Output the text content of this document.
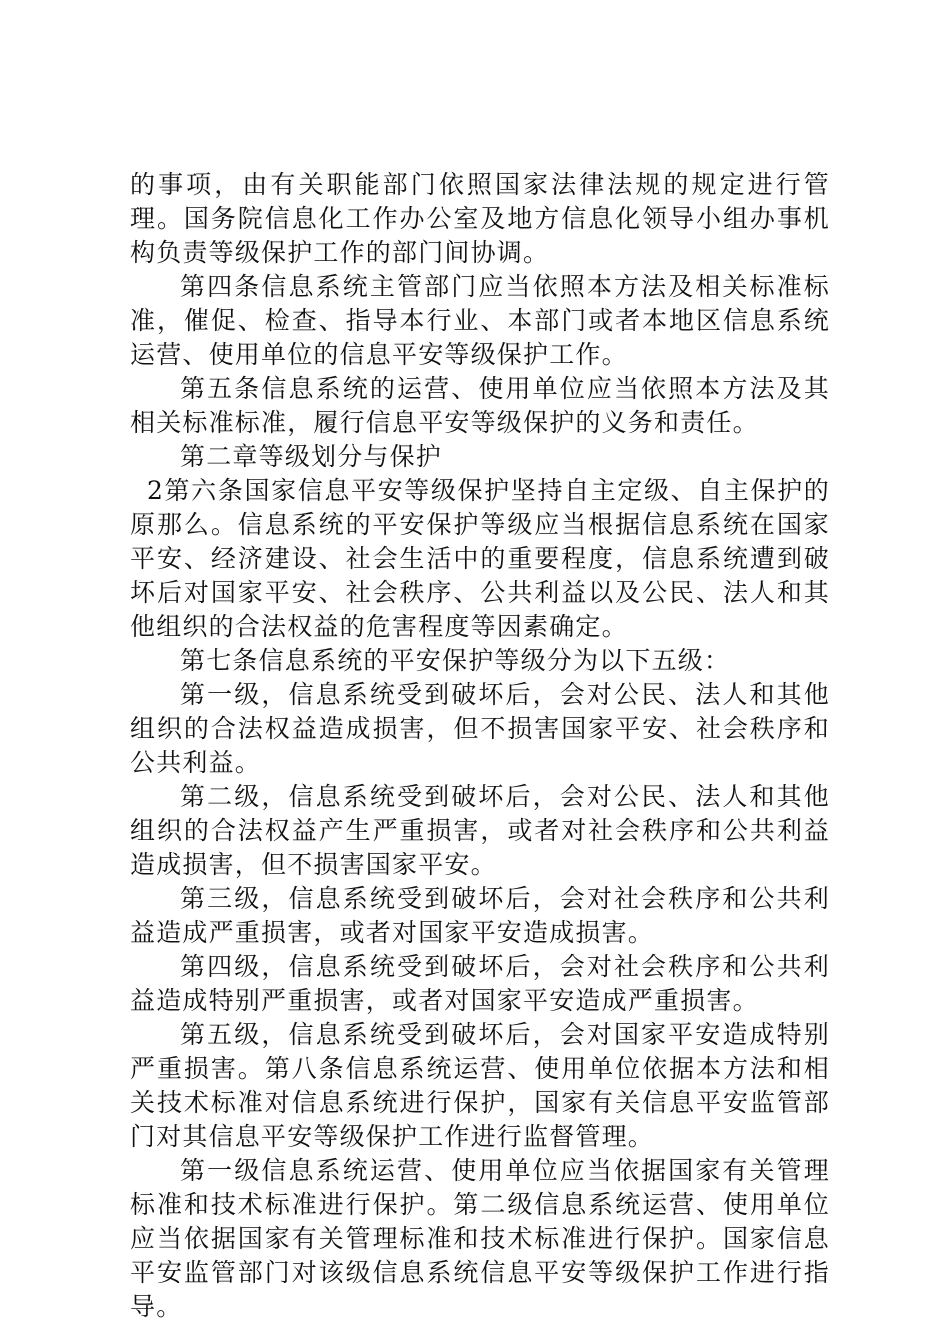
的事项，由有关职能部门依照国家法律法规的规定进行管理。国务院信息化工作办公室及地方信息化领导小组办事机构负责等级保护工作的部门间协调。

第四条信息系统主管部门应当依照本方法及相关标准标准，催促、检查、指导本行业、本部门或者本地区信息系统运营、使用单位的信息平安等级保护工作。

第五条信息系统的运营、使用单位应当依照本方法及其相关标准标准，履行信息平安等级保护的义务和责任。

第二章等级划分与保护

2第六条国家信息平安等级保护坚持自主定级、自主保护的原那么。信息系统的平安保护等级应当根据信息系统在国家平安、经济建设、社会生活中的重要程度，信息系统遭到破坏后对国家平安、社会秩序、公共利益以及公民、法人和其他组织的合法权益的危害程度等因素确定。

第七条信息系统的平安保护等级分为以下五级：

第一级，信息系统受到破坏后，会对公民、法人和其他组织的合法权益造成损害，但不损害国家平安、社会秩序和公共利益。

第二级，信息系统受到破坏后，会对公民、法人和其他组织的合法权益产生严重损害，或者对社会秩序和公共利益造成损害，但不损害国家平安。

第三级，信息系统受到破坏后，会对社会秩序和公共利益造成严重损害，或者对国家平安造成损害。

第四级，信息系统受到破坏后，会对社会秩序和公共利益造成特别严重损害，或者对国家平安造成严重损害。

第五级，信息系统受到破坏后，会对国家平安造成特别严重损害。第八条信息系统运营、使用单位依据本方法和相关技术标准对信息系统进行保护，国家有关信息平安监管部门对其信息平安等级保护工作进行监督管理。

第一级信息系统运营、使用单位应当依据国家有关管理标准和技术标准进行保护。第二级信息系统运营、使用单位应当依据国家有关管理标准和技术标准进行保护。国家信息平安监管部门对该级信息系统信息平安等级保护工作进行指导。
